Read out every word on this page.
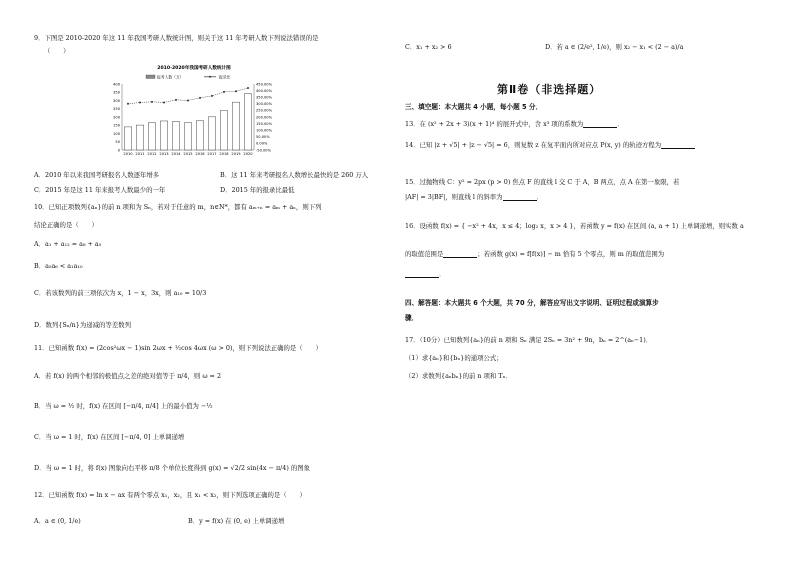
9．下图是 2010-2020 年这 11 年我国考研人数统计图，则关于这 11 年考研人数下列说法错误的是
（　　）
2010-2020年我国考研人数统计图
报考人数（万）	报录比
0
50
100
150
200
250
300
350
400
-50.00%
0.00%
50.00%
100.00%
150.00%
200.00%
250.00%
300.00%
350.00%
400.00%
450.00%
2010 2011 2012 2013 2014 2015 2016 2017 2018 2019 2020
A．2010 年以来我国考研报名人数逐年增多	B．这 11 年来考研报名人数增长最快的是 260 万人
C．2015 年是这 11 年来报考人数最少的一年	D．2015 年的报录比最低
10．已知正项数列{aₙ}的前 n 项和为 Sₙ，若对于任意的 m，n∈N*，都有 aₘ₊ₙ = aₘ + aₙ，则下列
结论正确的是（　　）
A．a₁ + a₁₂ = a₈ + a₅
B．a₅a₆ < a₁a₁₀
C．若该数列的前三项依次为 x，1 − x，3x，则 a₁₀ = 10/3
D．数列{Sₙ/n}为递减的等差数列
11．已知函数 f(x) = (2cos²ωx − 1)sin 2ωx + ½cos 4ωx (ω > 0)，则下列说法正确的是（　　）
A．若 f(x) 的两个相邻的极值点之差的绝对值等于 π/4，则 ω = 2
B．当 ω = ½ 时，f(x) 在区间 [−π/4, π/4] 上的最小值为 −½
C．当 ω = 1 时，f(x) 在区间 [−π/4, 0] 上单调递增
D．当 ω = 1 时，将 f(x) 图象向右平移 π/8 个单位长度得到 g(x) = √2/2 sin(4x − π/4) 的图象
12．已知函数 f(x) = ln x − ax 有两个零点 x₁，x₂，且 x₁ < x₂，则下列选项正确的是（　　）
A．a ∈ (0, 1/e)	B．y = f(x) 在 (0, e) 上单调递增
C．x₁ + x₂ > 6	D．若 a ∈ (2/e², 1/e)，则 x₂ − x₁ < (2 − a)/a
第Ⅱ卷（非选择题）
三、填空题：本大题共 4 小题，每小题 5 分．
13．在 (x² + 2x + 3)(x + 1)⁴ 的展开式中，含 x³ 项的系数为	．
14．已知 |z + √5| + |z − √5| = 6，则复数 z 在复平面内所对应点 P(x, y) 的轨迹方程为
15．过抛物线 C：y² = 2px (p > 0) 焦点 F 的直线 l 交 C 于 A，B 两点，点 A 在第一象限，若
|AF| = 3|BF|，则直线 l 的斜率为	．
16．设函数 f(x) = { −x² + 4x，x ≤ 4；log₂ x，x > 4 }，若函数 y = f(x) 在区间 (a, a + 1) 上单调递增，则实数 a
的取值范围是	；若函数 g(x) = f[f(x)] − m 恰有 5 个零点，则 m 的取值范围为
．
四、解答题：本大题共 6 个大题，共 70 分，解答应写出文字说明、证明过程或演算步
骤．
17．（10分）已知数列{aₙ}的前 n 项和 Sₙ 满足 2Sₙ = 3n² + 9n，bₙ = 2^(aₙ−1)．
（1）求{aₙ}和{bₙ}的通项公式；
（2）求数列{aₙbₙ}的前 n 项和 Tₙ．
